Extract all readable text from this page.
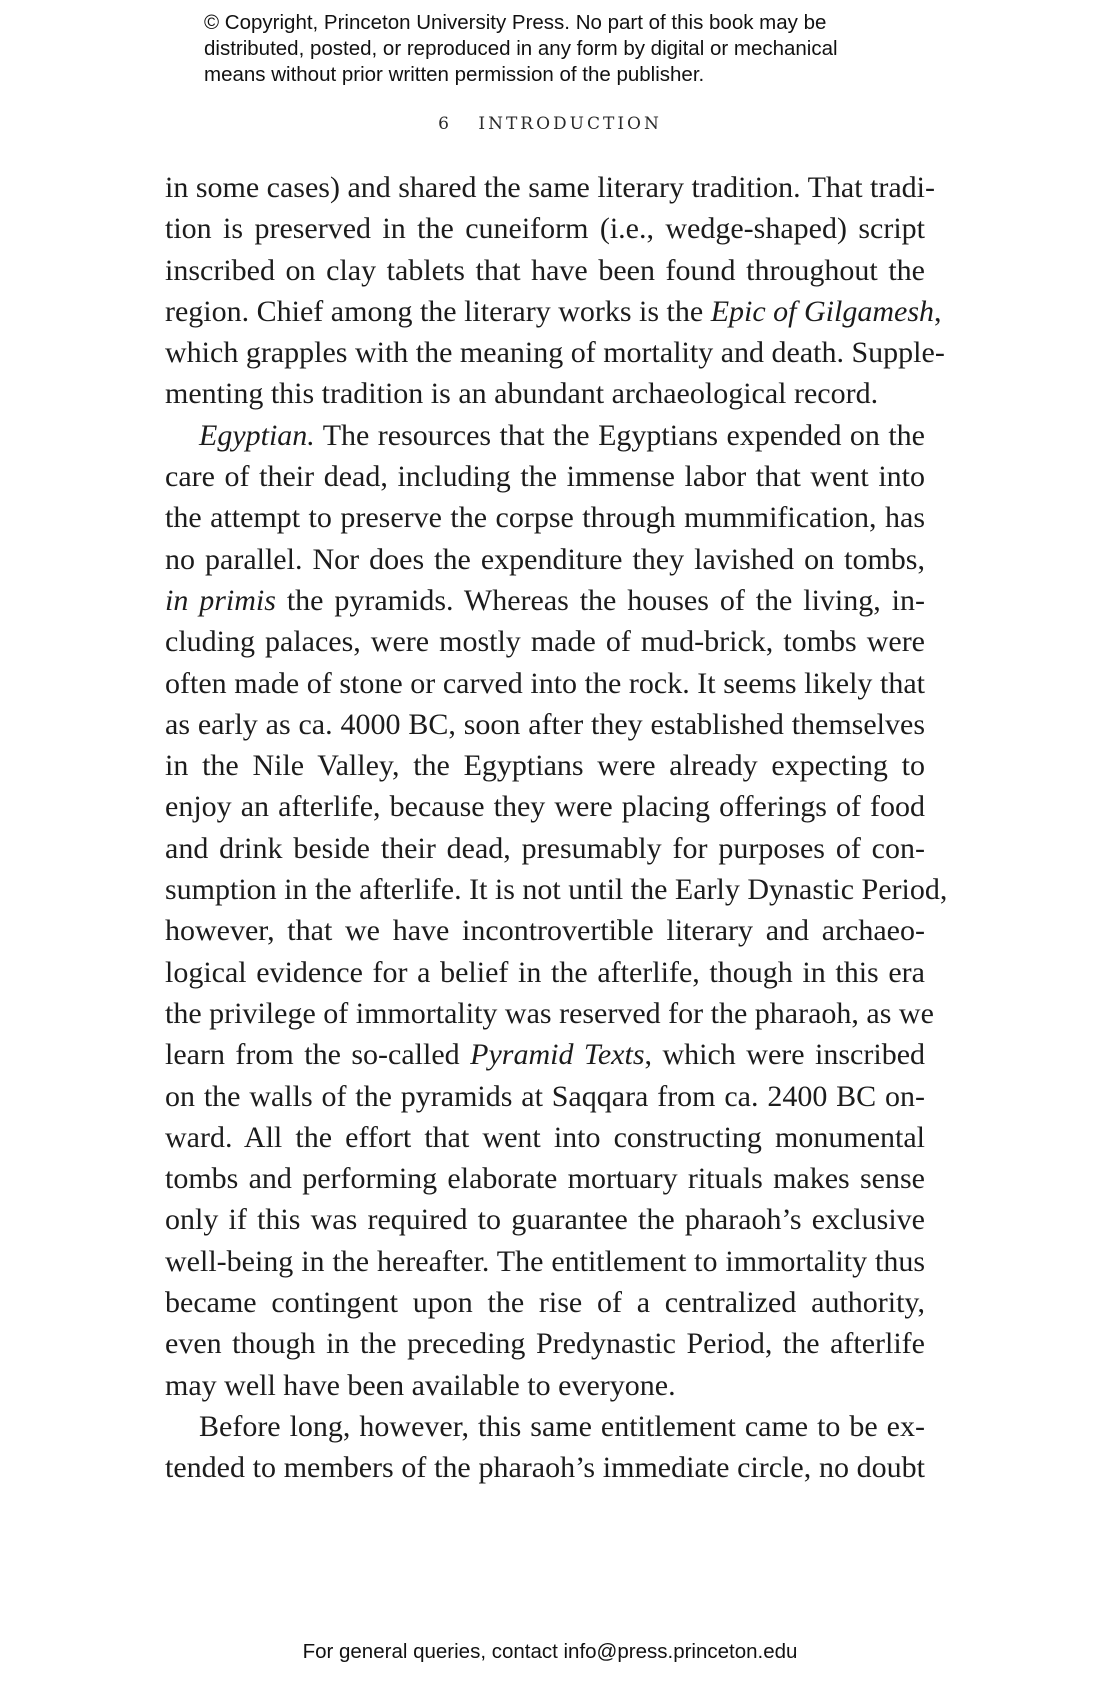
© Copyright, Princeton University Press. No part of this book may be
distributed, posted, or reproduced in any form by digital or mechanical
means without prior written permission of the publisher.
6 INTRODUCTION
in some cases) and shared the same literary tradition. That tradi-
tion is preserved in the cuneiform (i.e., wedge-shaped) script
inscribed on clay tablets that have been found throughout the
region. Chief among the literary works is the Epic of Gilgamesh,
which grapples with the meaning of mortality and death. Supple-
menting this tradition is an abundant archaeological record.
Egyptian. The resources that the Egyptians expended on the
care of their dead, including the immense labor that went into
the attempt to preserve the corpse through mummification, has
no parallel. Nor does the expenditure they lavished on tombs,
in primis the pyramids. Whereas the houses of the living, in-
cluding palaces, were mostly made of mud-brick, tombs were
often made of stone or carved into the rock. It seems likely that
as early as ca. 4000 BC, soon after they established themselves
in the Nile Valley, the Egyptians were already expecting to
enjoy an afterlife, because they were placing offerings of food
and drink beside their dead, presumably for purposes of con-
sumption in the afterlife. It is not until the Early Dynastic Period,
however, that we have incontrovertible literary and archaeo-
logical evidence for a belief in the afterlife, though in this era
the privilege of immortality was reserved for the pharaoh, as we
learn from the so-called Pyramid Texts, which were inscribed
on the walls of the pyramids at Saqqara from ca. 2400 BC on-
ward. All the effort that went into constructing monumental
tombs and performing elaborate mortuary rituals makes sense
only if this was required to guarantee the pharaoh’s exclusive
well-being in the hereafter. The entitlement to immortality thus
became contingent upon the rise of a centralized authority,
even though in the preceding Predynastic Period, the afterlife
may well have been available to everyone.
Before long, however, this same entitlement came to be ex-
tended to members of the pharaoh’s immediate circle, no doubt
For general queries, contact info@press.princeton.edu
